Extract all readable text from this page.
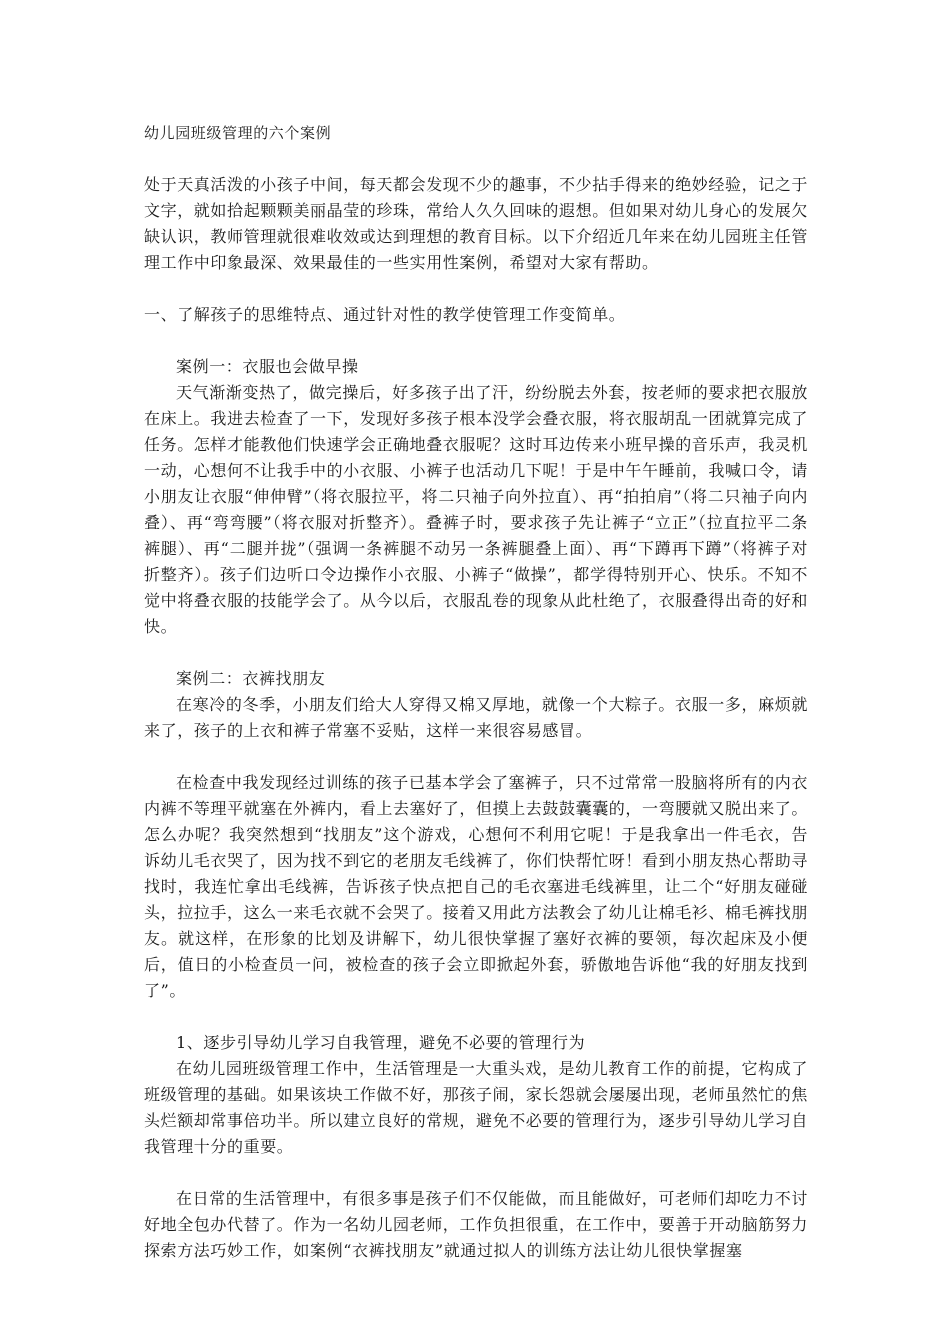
幼儿园班级管理的六个案例

处于天真活泼的小孩子中间，每天都会发现不少的趣事，不少拈手得来的绝妙经验，记之于文字，就如拾起颗颗美丽晶莹的珍珠，常给人久久回味的遐想。但如果对幼儿身心的发展欠缺认识，教师管理就很难收效或达到理想的教育目标。以下介绍近几年来在幼儿园班主任管理工作中印象最深、效果最佳的一些实用性案例，希望对大家有帮助。

一、了解孩子的思维特点、通过针对性的教学使管理工作变简单。

案例一：衣服也会做早操

天气渐渐变热了，做完操后，好多孩子出了汗，纷纷脱去外套，按老师的要求把衣服放在床上。我进去检查了一下，发现好多孩子根本没学会叠衣服，将衣服胡乱一团就算完成了任务。怎样才能教他们快速学会正确地叠衣服呢？这时耳边传来小班早操的音乐声，我灵机一动，心想何不让我手中的小衣服、小裤子也活动几下呢！于是中午午睡前，我喊口令，请小朋友让衣服“伸伸臂”（将衣服拉平，将二只袖子向外拉直）、再“拍拍肩”（将二只袖子向内叠）、再“弯弯腰”（将衣服对折整齐）。叠裤子时，要求孩子先让裤子“立正”（拉直拉平二条裤腿）、再“二腿并拢”（强调一条裤腿不动另一条裤腿叠上面）、再“下蹲再下蹲”（将裤子对折整齐）。孩子们边听口令边操作小衣服、小裤子“做操”，都学得特别开心、快乐。不知不觉中将叠衣服的技能学会了。从今以后，衣服乱卷的现象从此杜绝了，衣服叠得出奇的好和快。

案例二：衣裤找朋友

在寒冷的冬季，小朋友们给大人穿得又棉又厚地，就像一个大粽子。衣服一多，麻烦就来了，孩子的上衣和裤子常塞不妥贴，这样一来很容易感冒。

在检查中我发现经过训练的孩子已基本学会了塞裤子，只不过常常一股脑将所有的内衣内裤不等理平就塞在外裤内，看上去塞好了，但摸上去鼓鼓囊囊的，一弯腰就又脱出来了。怎么办呢？我突然想到“找朋友”这个游戏，心想何不利用它呢！于是我拿出一件毛衣，告诉幼儿毛衣哭了，因为找不到它的老朋友毛线裤了，你们快帮忙呀！看到小朋友热心帮助寻找时，我连忙拿出毛线裤，告诉孩子快点把自己的毛衣塞进毛线裤里，让二个“好朋友碰碰头，拉拉手，这么一来毛衣就不会哭了。接着又用此方法教会了幼儿让棉毛衫、棉毛裤找朋友。就这样，在形象的比划及讲解下，幼儿很快掌握了塞好衣裤的要领，每次起床及小便后，值日的小检查员一问，被检查的孩子会立即掀起外套，骄傲地告诉他“我的好朋友找到了”。

1、逐步引导幼儿学习自我管理，避免不必要的管理行为

在幼儿园班级管理工作中，生活管理是一大重头戏，是幼儿教育工作的前提，它构成了班级管理的基础。如果该块工作做不好，那孩子闹，家长怨就会屡屡出现，老师虽然忙的焦头烂额却常事倍功半。所以建立良好的常规，避免不必要的管理行为，逐步引导幼儿学习自我管理十分的重要。

在日常的生活管理中，有很多事是孩子们不仅能做，而且能做好，可老师们却吃力不讨好地全包办代替了。作为一名幼儿园老师，工作负担很重，在工作中，要善于开动脑筋努力探索方法巧妙工作，如案例“衣裤找朋友”就通过拟人的训练方法让幼儿很快掌握塞
